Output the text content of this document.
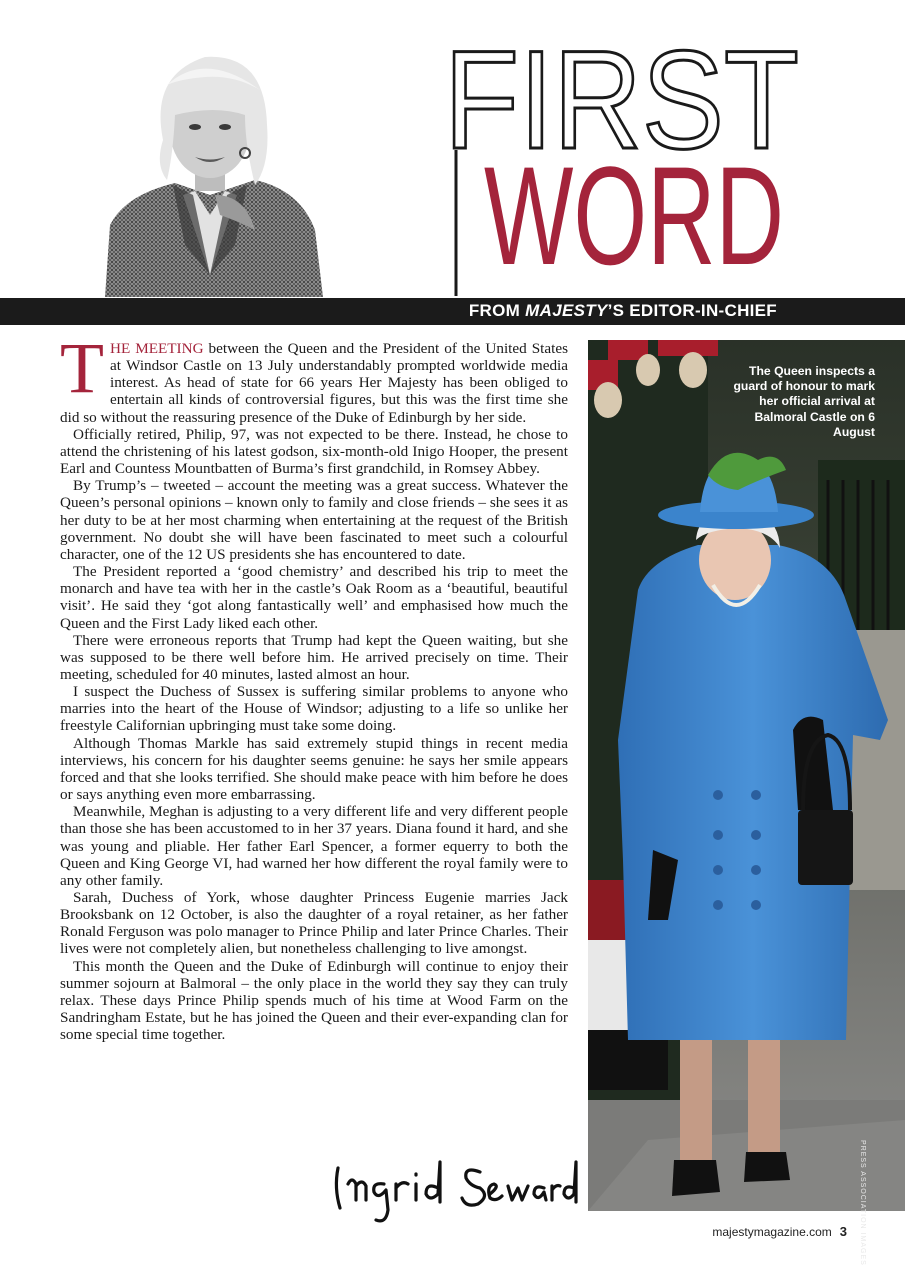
FIRST
WORD
FROM MAJESTY’S EDITOR-IN-CHIEF

THE MEETING between the Queen and the President of the United States at Windsor Castle on 13 July understandably prompted worldwide media interest. As head of state for 66 years Her Majesty has been obliged to entertain all kinds of controversial figures, but this was the first time she did so without the reassuring presence of the Duke of Edinburgh by her side.

Officially retired, Philip, 97, was not expected to be there. Instead, he chose to attend the christening of his latest godson, six-month-old Inigo Hooper, the present Earl and Countess Mountbatten of Burma’s first grandchild, in Romsey Abbey.

By Trump’s – tweeted – account the meeting was a great success. Whatever the Queen’s personal opinions – known only to family and close friends – she sees it as her duty to be at her most charming when entertaining at the request of the British government. No doubt she will have been fascinated to meet such a colourful character, one of the 12 US presidents she has encountered to date.

The President reported a ‘good chemistry’ and described his trip to meet the monarch and have tea with her in the castle’s Oak Room as a ‘beautiful, beautiful visit’. He said they ‘got along fantastically well’ and emphasised how much the Queen and the First Lady liked each other.

There were erroneous reports that Trump had kept the Queen waiting, but she was supposed to be there well before him. He arrived precisely on time. Their meeting, scheduled for 40 minutes, lasted almost an hour.

I suspect the Duchess of Sussex is suffering similar problems to anyone who marries into the heart of the House of Windsor; adjusting to a life so unlike her freestyle Californian upbringing must take some doing.

Although Thomas Markle has said extremely stupid things in recent media interviews, his concern for his daughter seems genuine: he says her smile appears forced and that she looks terrified. She should make peace with him before he does or says anything even more embarrassing.

Meanwhile, Meghan is adjusting to a very different life and very different people than those she has been accustomed to in her 37 years. Diana found it hard, and she was young and pliable. Her father Earl Spencer, a former equerry to both the Queen and King George VI, had warned her how different the royal family were to any other family.

Sarah, Duchess of York, whose daughter Princess Eugenie marries Jack Brooksbank on 12 October, is also the daughter of a royal retainer, as her father Ronald Ferguson was polo manager to Prince Philip and later Prince Charles. Their lives were not completely alien, but nonetheless challenging to live amongst.

This month the Queen and the Duke of Edinburgh will continue to enjoy their summer sojourn at Balmoral – the only place in the world they say they can truly relax. These days Prince Philip spends much of his time at Wood Farm on the Sandringham Estate, but he has joined the Queen and their ever-expanding clan for some special time together.

The Queen inspects a guard of honour to mark her official arrival at Balmoral Castle on 6 August
PRESS ASSOCIATION IMAGES
majestymagazine.com 3
